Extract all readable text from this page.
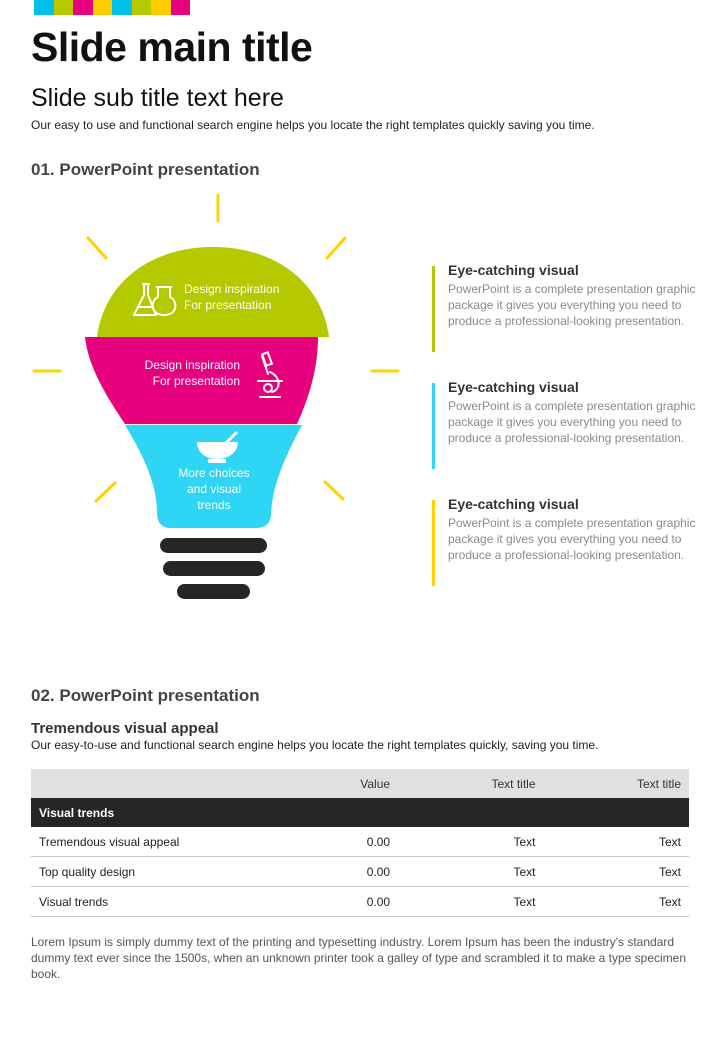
Slide main title
Slide sub title text here
Our easy to use and functional search engine helps you locate the right templates quickly saving you time.
01. PowerPoint presentation
Design inspiration
For presentation
Design inspiration
For presentation
More choices
and visual
trends
Eye-catching visual
PowerPoint is a complete presentation graphic package it gives you everything you need to produce a professional-looking presentation.
Eye-catching visual
PowerPoint is a complete presentation graphic package it gives you everything you need to produce a professional-looking presentation.
Eye-catching visual
PowerPoint is a complete presentation graphic package it gives you everything you need to produce a professional-looking presentation.
02. PowerPoint presentation
Tremendous visual appeal
Our easy-to-use and functional search engine helps you locate the right templates quickly, saving you time.
	Value	Text title	Text title
Visual trends			
Tremendous visual appeal	0.00	Text	Text
Top quality design	0.00	Text	Text
Visual trends	0.00	Text	Text
Lorem Ipsum is simply dummy text of the printing and typesetting industry. Lorem Ipsum has been the industry's standard dummy text ever since the 1500s, when an unknown printer took a galley of type and scrambled it to make a type specimen book.
